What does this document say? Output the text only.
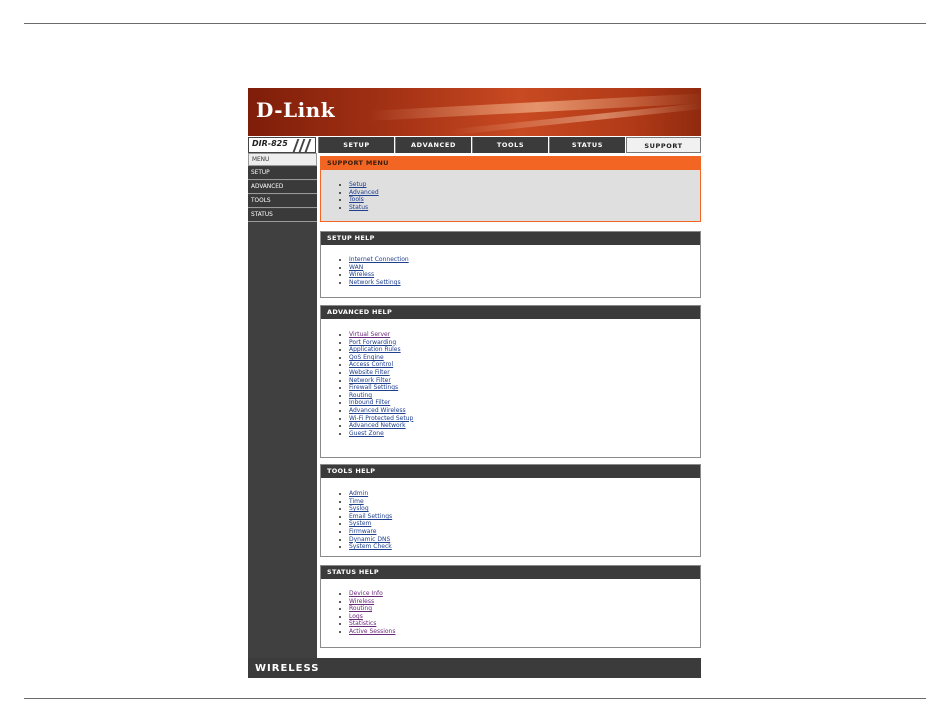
D-Link
DIR-825	SETUP	ADVANCED	TOOLS	STATUS	SUPPORT
MENU
SETUP
ADVANCED
TOOLS
STATUS
SUPPORT MENU
• Setup
• Advanced
• Tools
• Status
SETUP HELP
• Internet Connection
• WAN
• Wireless
• Network Settings
ADVANCED HELP
• Virtual Server
• Port Forwarding
• Application Rules
• QoS Engine
• Access Control
• Website Filter
• Network Filter
• Firewall Settings
• Routing
• Inbound Filter
• Advanced Wireless
• Wi-Fi Protected Setup
• Advanced Network
• Guest Zone
TOOLS HELP
• Admin
• Time
• Syslog
• Email Settings
• System
• Firmware
• Dynamic DNS
• System Check
STATUS HELP
• Device Info
• Wireless
• Routing
• Logs
• Statistics
• Active Sessions
WIRELESS
